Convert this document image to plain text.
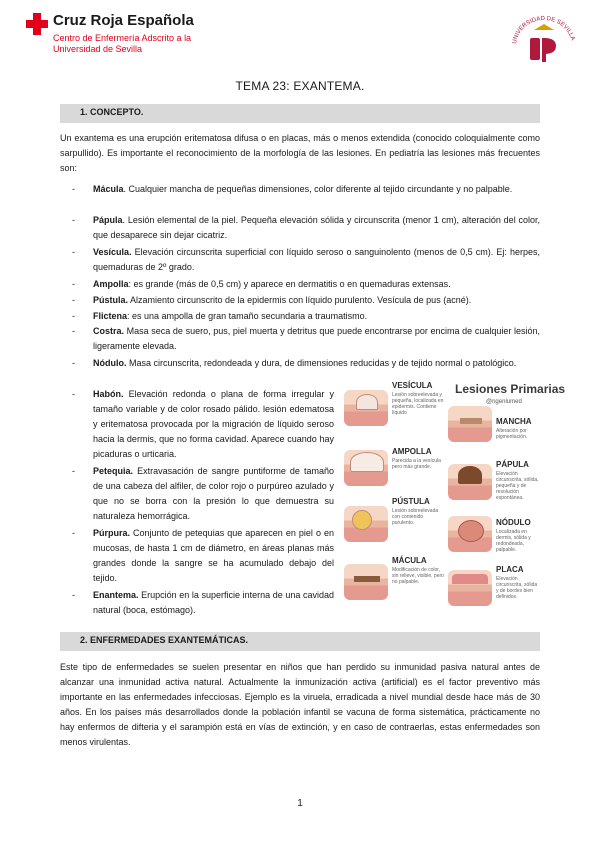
Cruz Roja Española
Centro de Enfermería Adscrito a la Universidad de Sevilla
UNIVERSIDAD DE SEVILLA
TEMA 23: EXANTEMA.
1. CONCEPTO.
Un exantema es una erupción eritematosa difusa o en placas, más o menos extendida (conocido coloquialmente como sarpullido). Es importante el reconocimiento de la morfología de las lesiones. En pediatría las lesiones más frecuentes son:
-	Mácula. Cualquier mancha de pequeñas dimensiones, color diferente al tejido circundante y no palpable.
-	Pápula. Lesión elemental de la piel. Pequeña elevación sólida y circunscrita (menor 1 cm), alteración del color, que desaparece sin dejar cicatriz.
-	Vesícula. Elevación circunscrita superficial con líquido seroso o sanguinolento (menos de 0,5 cm). Ej: herpes, quemaduras de 2º grado.
-	Ampolla: es grande (más de 0,5 cm) y aparece en dermatitis o en quemaduras extensas.
-	Pústula. Alzamiento circunscrito de la epidermis con líquido purulento. Vesícula de pus (acné).
-	Flictena: es una ampolla de gran tamaño secundaria a traumatismo.
-	Costra. Masa seca de suero, pus, piel muerta y detritus que puede encontrarse por encima de cualquier lesión, ligeramente elevada.
-	Nódulo. Masa circunscrita, redondeada y dura, de dimensiones reducidas y de tejido normal o patológico.
-	Habón. Elevación redonda o plana de forma irregular y tamaño variable y de color rosado pálido. lesión edematosa y eritematosa provocada por la migración de líquido seroso hacia la dermis, que no forma cavidad. Aparece cuando hay picaduras o urticaria.
-	Petequia. Extravasación de sangre puntiforme de tamaño de una cabeza del alfiler, de color rojo o purpúreo azulado y que no se borra con la presión lo que demuestra su naturaleza hemorrágica.
-	Púrpura. Conjunto de petequias que aparecen en piel o en mucosas, de hasta 1 cm de diámetro, en áreas planas más grandes donde la sangre se ha acumulado debajo del tejido.
-	Enantema. Erupción en la superficie interna de una cavidad natural (boca, estómago).
Lesiones Primarias
@ngenlumed
VESÍCULA
Lesión sobreelevada y pequeña, localizada en epidermis. Contiene líquido
AMPOLLA
Parecida a la vesícula pero más grande.
PÚSTULA
Lesión sobreelevada con contenido purulento.
MÁCULA
Modificación de color, sin relieve, visible, pero no palpable.
MANCHA
Alteración por pigmentación.
PÁPULA
Elevación circunscrita, sólida, pequeña y de resolución espontánea.
NÓDULO
Localizada en dermis, sólida y redondeada, palpable.
PLACA
Elevación circunscrita, sólida y de bordes bien definidos.
2. ENFERMEDADES EXANTEMÁTICAS.
Este tipo de enfermedades se suelen presentar en niños que han perdido su inmunidad pasiva natural antes de alcanzar una inmunidad activa natural. Actualmente la inmunización activa (artificial) es el factor preventivo más importante en las enfermedades infecciosas. Ejemplo es la viruela, erradicada a nivel mundial desde hace más de 30 años. En los países más desarrollados donde la población infantil se vacuna de forma sistemática, prácticamente no hay enfermos de difteria y el sarampión está en vías de extinción, y en caso de contraerlas, estas enfermedades son menos virulentas.
1
